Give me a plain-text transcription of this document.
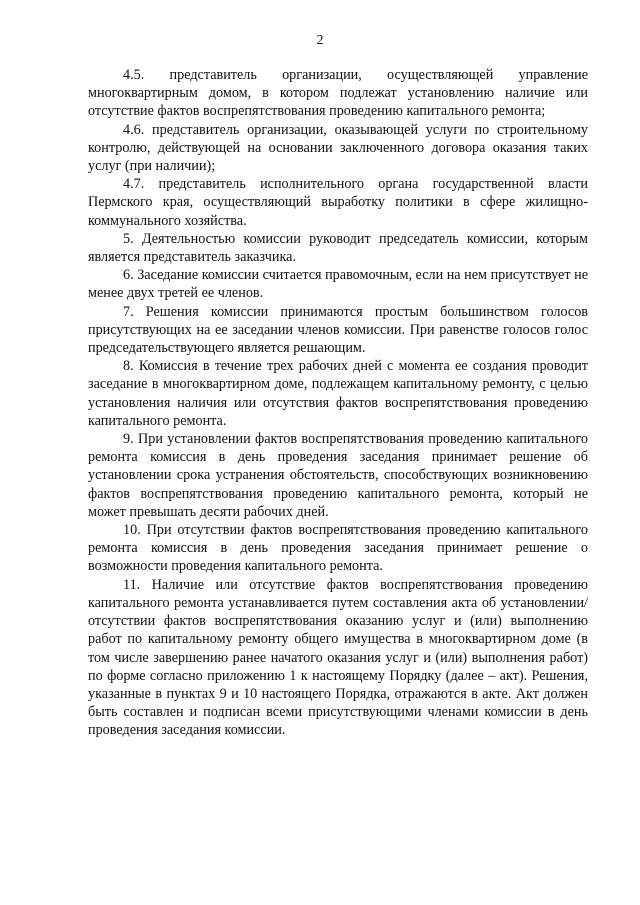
2

4.5. представитель организации, осуществляющей управление многоквартирным домом, в котором подлежат установлению наличие или отсутствие фактов воспрепятствования проведению капитального ремонта;

4.6. представитель организации, оказывающей услуги по строительному контролю, действующей на основании заключенного договора оказания таких услуг (при наличии);

4.7. представитель исполнительного органа государственной власти Пермского края, осуществляющий выработку политики в сфере жилищно-коммунального хозяйства.

5. Деятельностью комиссии руководит председатель комиссии, которым является представитель заказчика.

6. Заседание комиссии считается правомочным, если на нем присутствует не менее двух третей ее членов.

7. Решения комиссии принимаются простым большинством голосов присутствующих на ее заседании членов комиссии. При равенстве голосов голос председательствующего является решающим.

8. Комиссия в течение трех рабочих дней с момента ее создания проводит заседание в многоквартирном доме, подлежащем капитальному ремонту, с целью установления наличия или отсутствия фактов воспрепятствования проведению капитального ремонта.

9. При установлении фактов воспрепятствования проведению капитального ремонта комиссия в день проведения заседания принимает решение об установлении срока устранения обстоятельств, способствующих возникновению фактов воспрепятствования проведению капитального ремонта, который не может превышать десяти рабочих дней.

10. При отсутствии фактов воспрепятствования проведению капитального ремонта комиссия в день проведения заседания принимает решение о возможности проведения капитального ремонта.

11. Наличие или отсутствие фактов воспрепятствования проведению капитального ремонта устанавливается путем составления акта об установлении/отсутствии фактов воспрепятствования оказанию услуг и (или) выполнению работ по капитальному ремонту общего имущества в многоквартирном доме (в том числе завершению ранее начатого оказания услуг и (или) выполнения работ) по форме согласно приложению 1 к настоящему Порядку (далее – акт). Решения, указанные в пунктах 9 и 10 настоящего Порядка, отражаются в акте. Акт должен быть составлен и подписан всеми присутствующими членами комиссии в день проведения заседания комиссии.
